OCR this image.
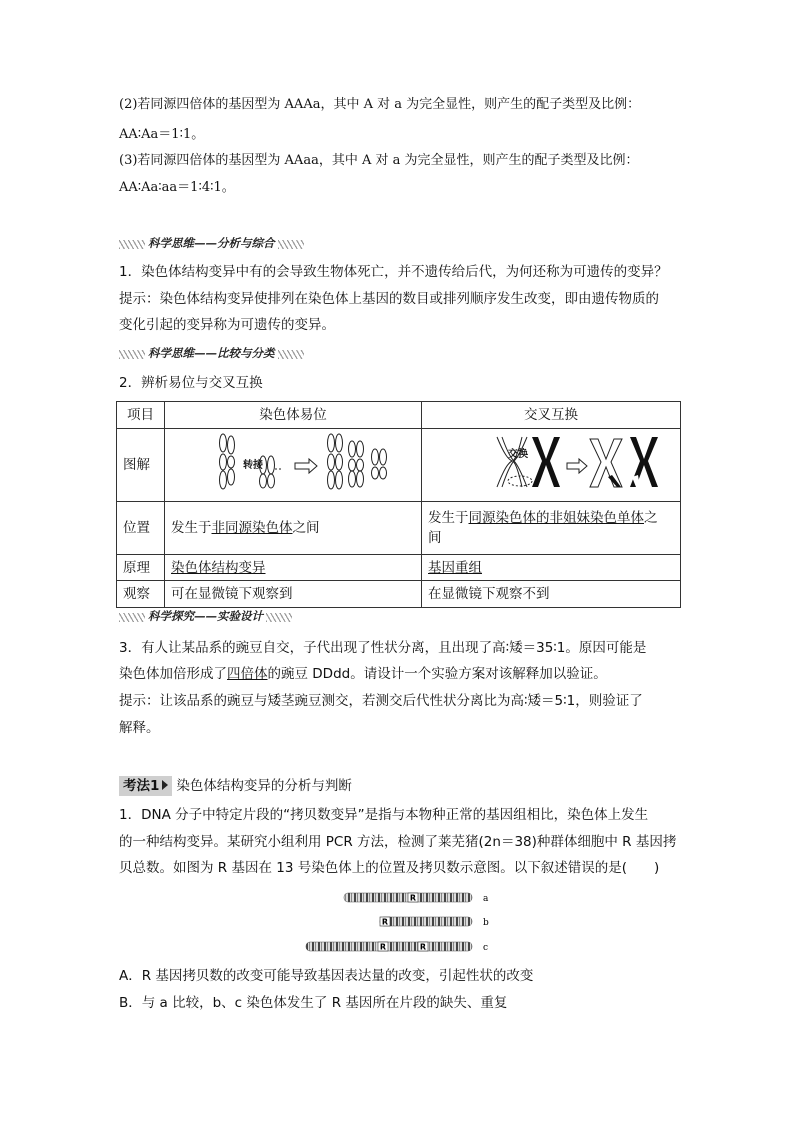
(2)若同源四倍体的基因型为 AAAa，其中 A 对 a 为完全显性，则产生的配子类型及比例：
AA∶Aa＝1∶1。
(3)若同源四倍体的基因型为 AAaa，其中 A 对 a 为完全显性，则产生的配子类型及比例：
AA∶Aa∶aa＝1∶4∶1。
科学思维——分析与综合
1．染色体结构变异中有的会导致生物体死亡，并不遗传给后代，为何还称为可遗传的变异？
提示：染色体结构变异使排列在染色体上基因的数目或排列顺序发生改变，即由遗传物质的
变化引起的变异称为可遗传的变异。
科学思维——比较与分类
2．辨析易位与交叉互换
项目	染色体易位	交叉互换
图解	转接	交换

位置	发生于非同源染色体之间	发生于同源染色体的非姐妹染色单体之
间
原理	染色体结构变异	基因重组
观察	可在显微镜下观察到	在显微镜下观察不到
科学探究——实验设计
3．有人让某品系的豌豆自交，子代出现了性状分离，且出现了高∶矮＝35∶1。原因可能是
染色体加倍形成了四倍体的豌豆 DDdd。请设计一个实验方案对该解释加以验证。
提示：让该品系的豌豆与矮茎豌豆测交，若测交后代性状分离比为高∶矮＝5∶1，则验证了
解释。
考法1 染色体结构变异的分析与判断
1．DNA 分子中特定片段的“拷贝数变异”是指与本物种正常的基因组相比，染色体上发生
的一种结构变异。某研究小组利用 PCR 方法，检测了莱芜猪(2n＝38)种群体细胞中 R 基因拷
贝总数。如图为 R 基因在 13 号染色体上的位置及拷贝数示意图。以下叙述错误的是(　　)
R	a
R	b
R	R	c
A．R 基因拷贝数的改变可能导致基因表达量的改变，引起性状的改变
B．与 a 比较，b、c 染色体发生了 R 基因所在片段的缺失、重复
